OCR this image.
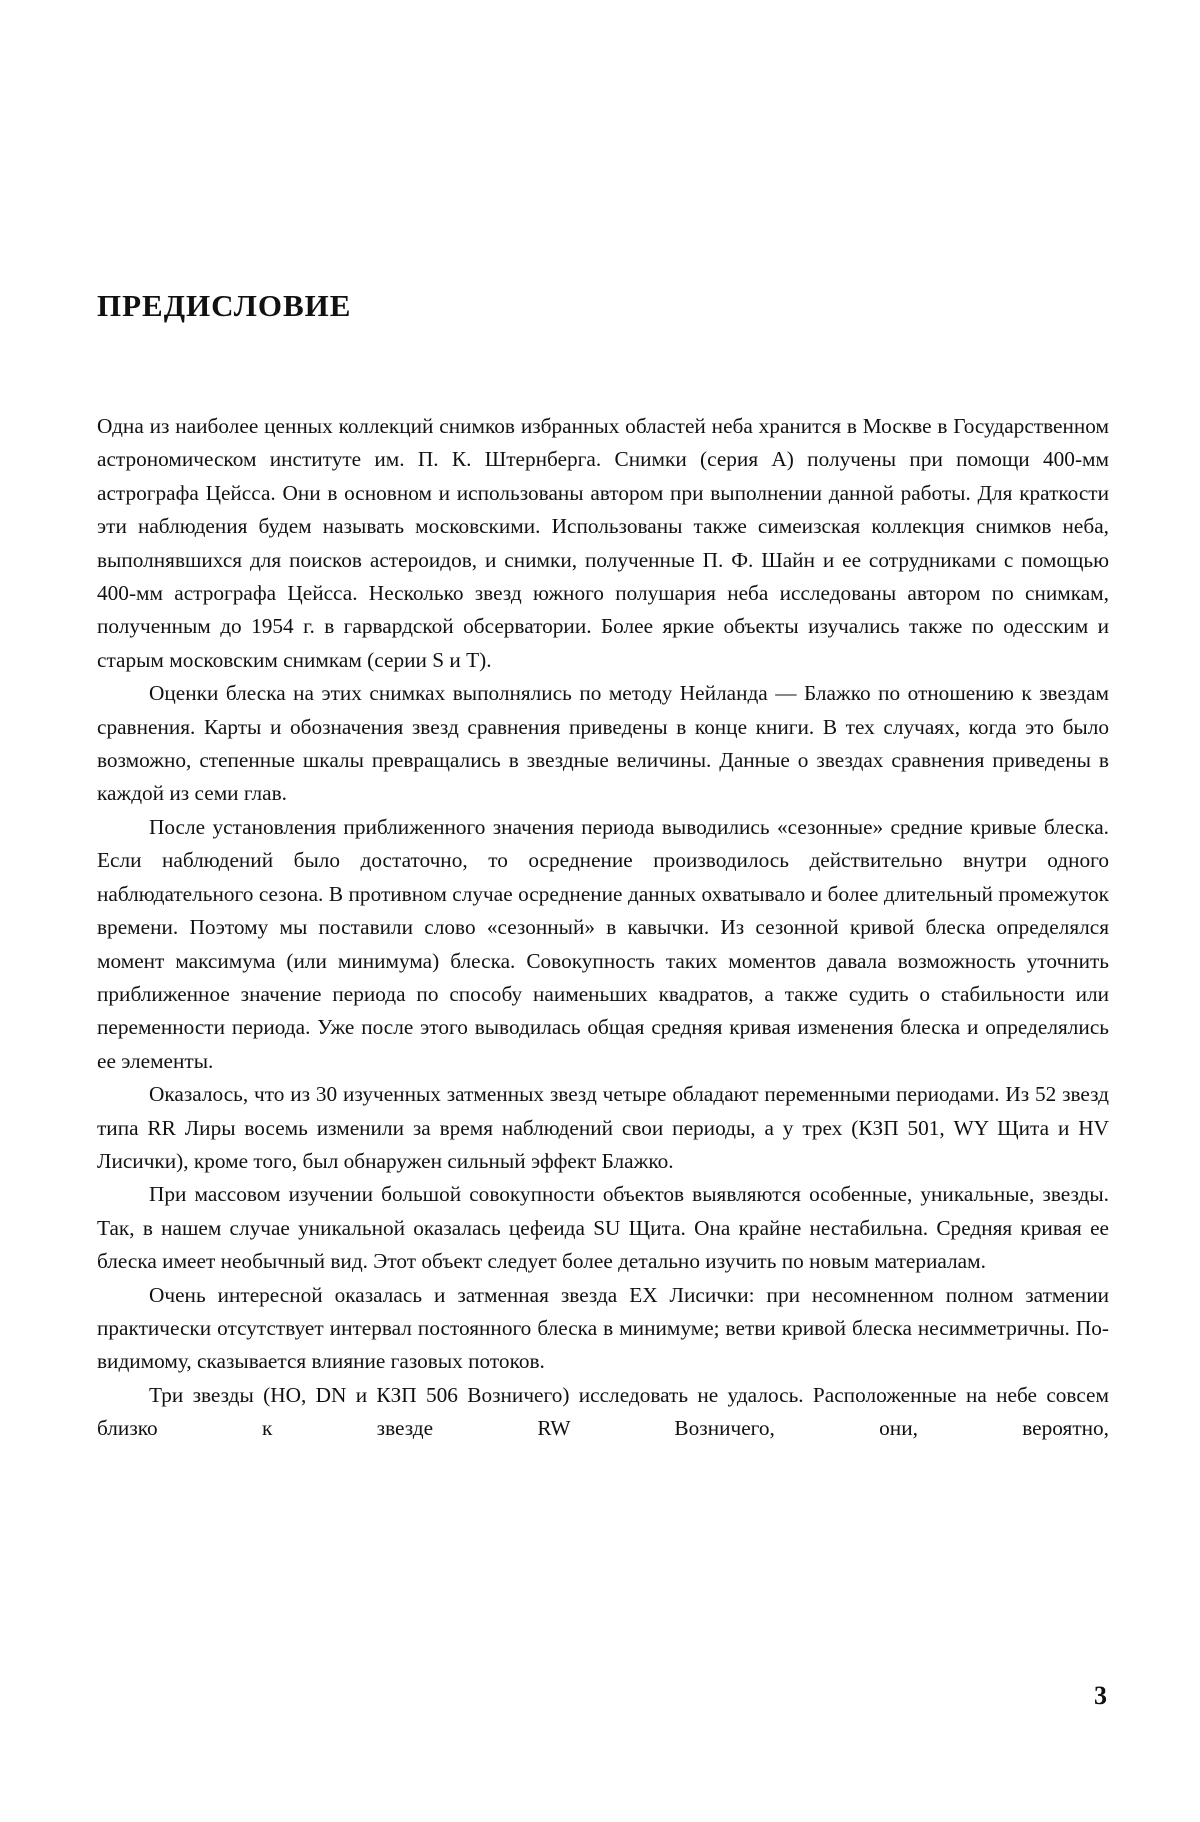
ПРЕДИСЛОВИЕ

Одна из наиболее ценных коллекций снимков избранных областей неба хранится в Москве в Государственном астрономическом институте им. П. К. Штернберга. Снимки (серия А) получены при помощи 400-мм астрографа Цейсса. Они в основном и использованы автором при выполнении данной работы. Для краткости эти наблюдения будем называть московскими. Использованы также симеизская коллекция снимков неба, выполнявшихся для поисков астероидов, и снимки, полученные П. Ф. Шайн и ее сотрудниками с помощью 400-мм астрографа Цейсса. Несколько звезд южного полушария неба исследованы автором по снимкам, полученным до 1954 г. в гарвардской обсерватории. Более яркие объекты изучались также по одесским и старым московским снимкам (серии S и T).

Оценки блеска на этих снимках выполнялись по методу Нейланда — Блажко по отношению к звездам сравнения. Карты и обозначения звезд сравнения приведены в конце книги. В тех случаях, когда это было возможно, степенные шкалы превращались в звездные величины. Данные о звездах сравнения приведены в каждой из семи глав.

После установления приближенного значения периода выводились «сезонные» средние кривые блеска. Если наблюдений было достаточно, то осреднение производилось действительно внутри одного наблюдательного сезона. В противном случае осреднение данных охватывало и более длительный промежуток времени. Поэтому мы поставили слово «сезонный» в кавычки. Из сезонной кривой блеска определялся момент максимума (или минимума) блеска. Совокупность таких моментов давала возможность уточнить приближенное значение периода по способу наименьших квадратов, а также судить о стабильности или переменности периода. Уже после этого выводилась общая средняя кривая изменения блеска и определялись ее элементы.

Оказалось, что из 30 изученных затменных звезд четыре обладают переменными периодами. Из 52 звезд типа RR Лиры восемь изменили за время наблюдений свои периоды, а у трех (КЗП 501, WY Щита и HV Лисички), кроме того, был обнаружен сильный эффект Блажко.

При массовом изучении большой совокупности объектов выявляются особенные, уникальные, звезды. Так, в нашем случае уникальной оказалась цефеида SU Щита. Она крайне нестабильна. Средняя кривая ее блеска имеет необычный вид. Этот объект следует более детально изучить по новым материалам.

Очень интересной оказалась и затменная звезда EX Лисички: при несомненном полном затмении практически отсутствует интервал постоянного блеска в минимуме; ветви кривой блеска несимметричны. По-видимому, сказывается влияние газовых потоков.

Три звезды (HO, DN и КЗП 506 Возничего) исследовать не удалось. Расположенные на небе совсем близко к звезде RW Возничего, они, вероятно,

3
